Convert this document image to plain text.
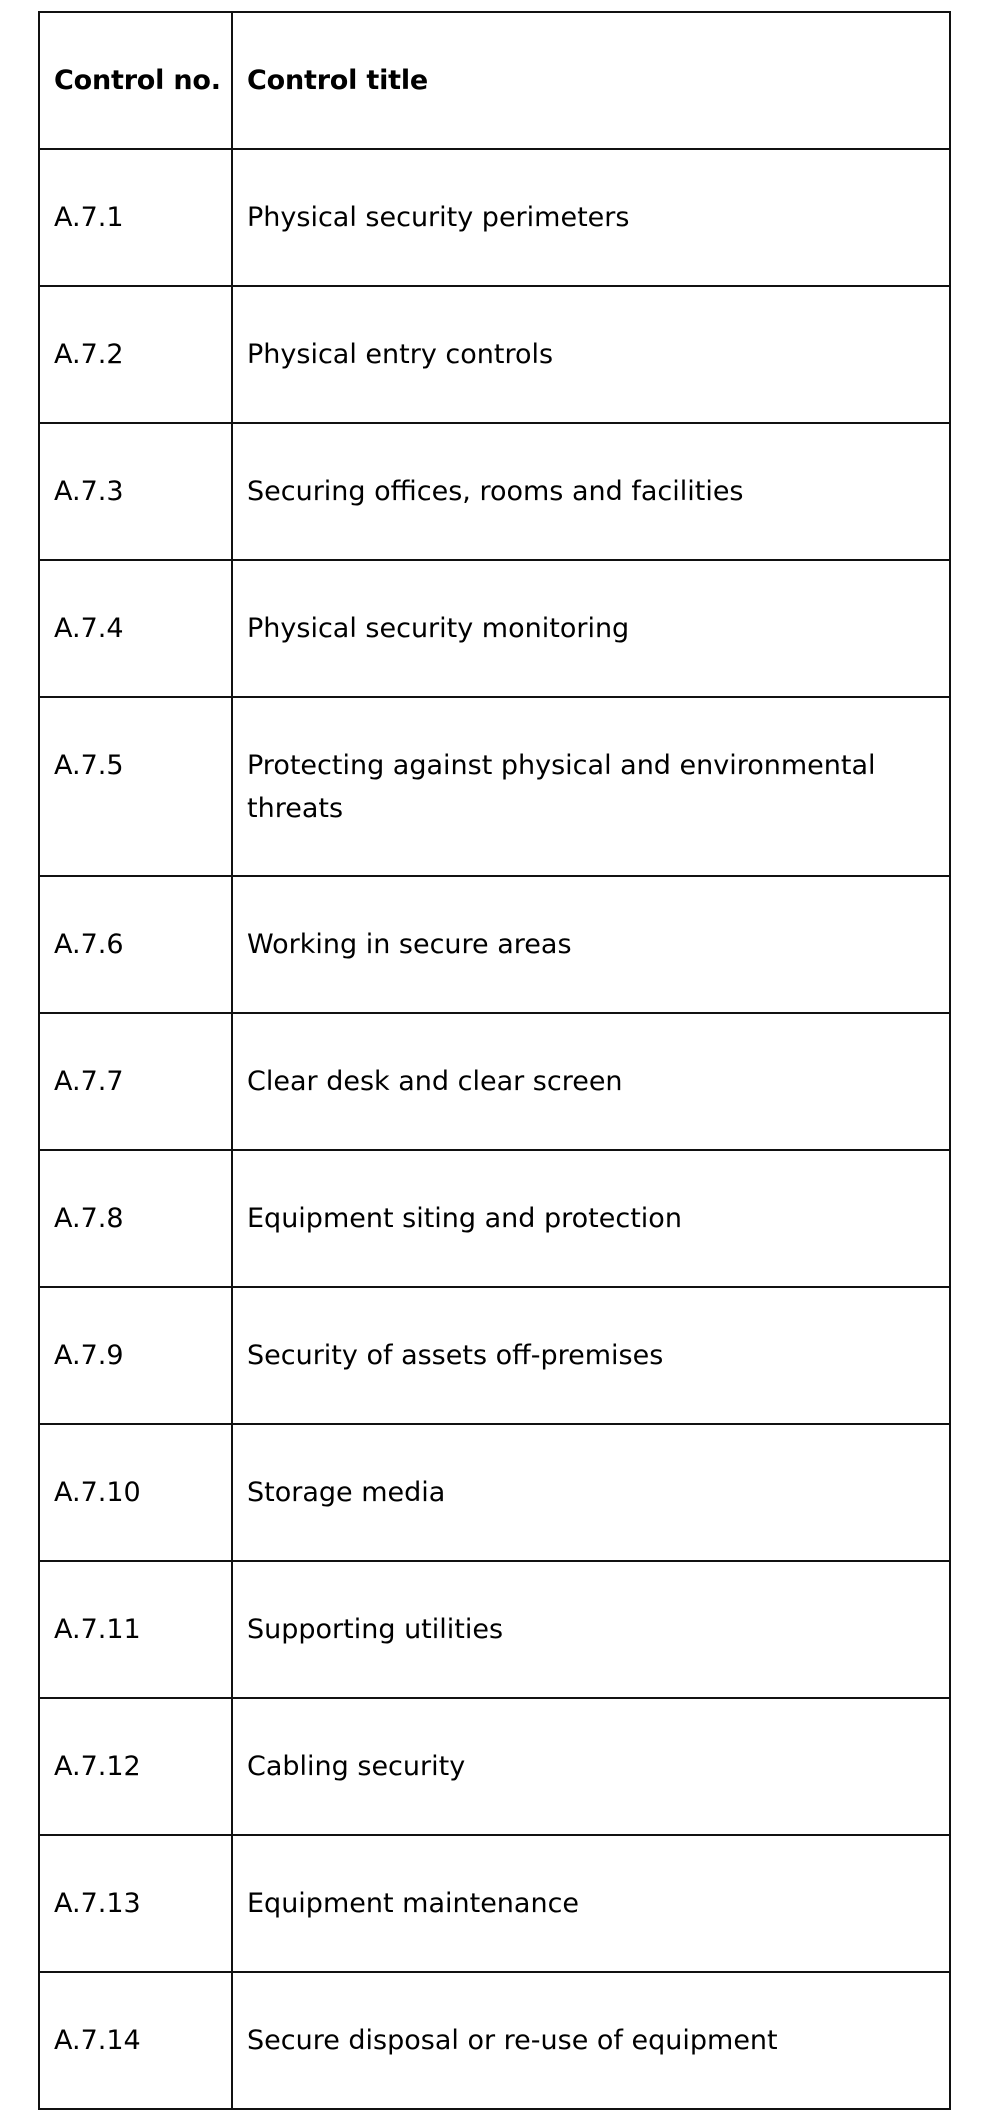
Control no.	Control title
A.7.1	Physical security perimeters
A.7.2	Physical entry controls
A.7.3	Securing offices, rooms and facilities
A.7.4	Physical security monitoring
A.7.5	Protecting against physical and environmental threats
A.7.6	Working in secure areas
A.7.7	Clear desk and clear screen
A.7.8	Equipment siting and protection
A.7.9	Security of assets off-premises
A.7.10	Storage media
A.7.11	Supporting utilities
A.7.12	Cabling security
A.7.13	Equipment maintenance
A.7.14	Secure disposal or re-use of equipment
